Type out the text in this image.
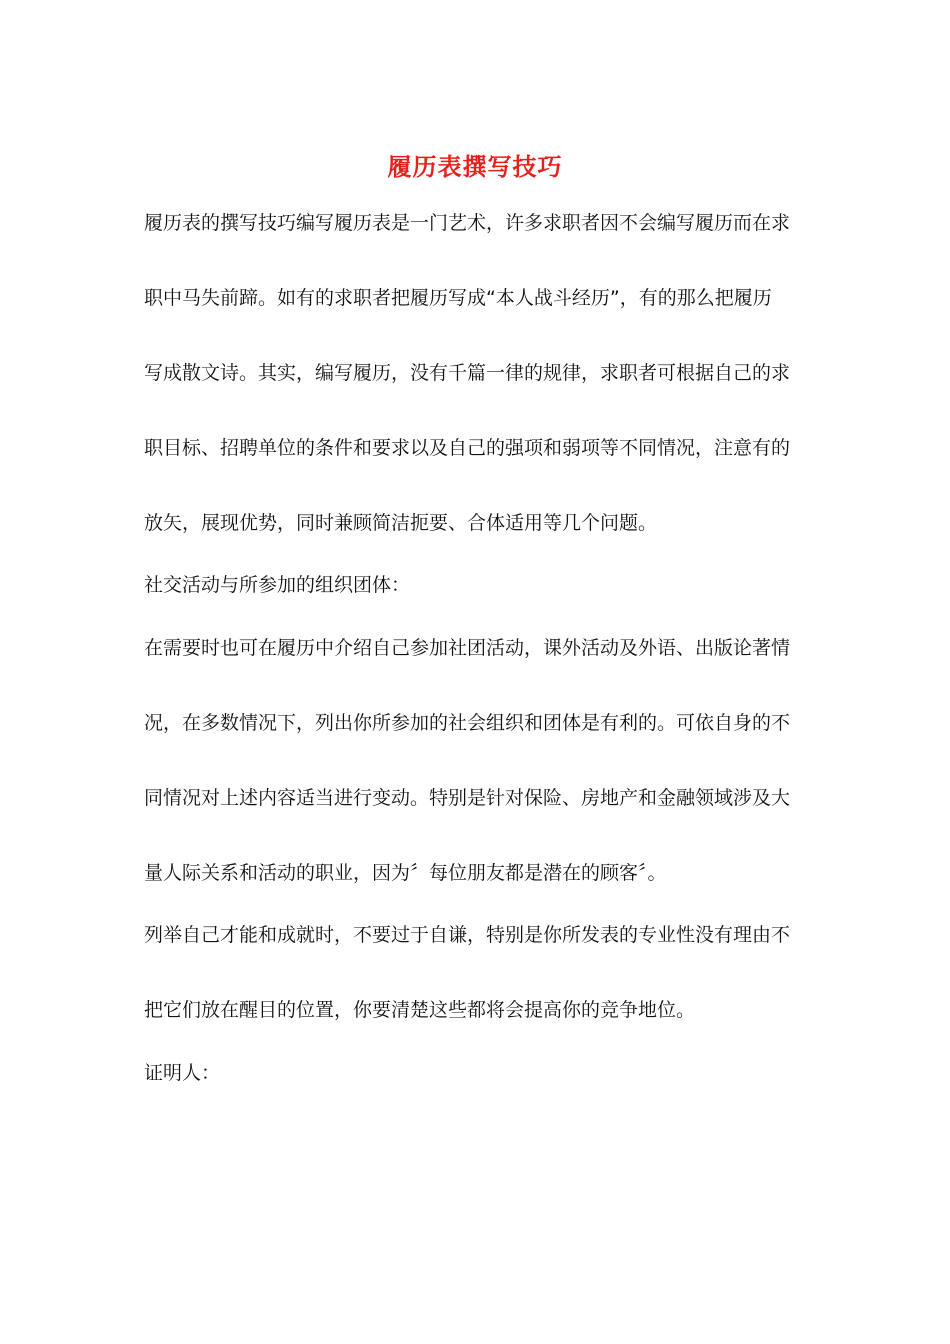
履历表撰写技巧
履历表的撰写技巧编写履历表是一门艺术，许多求职者因不会编写履历而在求
职中马失前蹄。如有的求职者把履历写成“本人战斗经历”，有的那么把履历
写成散文诗。其实，编写履历，没有千篇一律的规律，求职者可根据自己的求
职目标、招聘单位的条件和要求以及自己的强项和弱项等不同情况，注意有的
放矢，展现优势，同时兼顾简洁扼要、合体适用等几个问题。
社交活动与所参加的组织团体：
在需要时也可在履历中介绍自己参加社团活动，课外活动及外语、出版论著情
况，在多数情况下，列出你所参加的社会组织和团体是有利的。可依自身的不
同情况对上述内容适当进行变动。特别是针对保险、房地产和金融领域涉及大
量人际关系和活动的职业，因为〞每位朋友都是潜在的顾客〞。
列举自己才能和成就时，不要过于自谦，特别是你所发表的专业性没有理由不
把它们放在醒目的位置，你要清楚这些都将会提高你的竞争地位。
证明人：
